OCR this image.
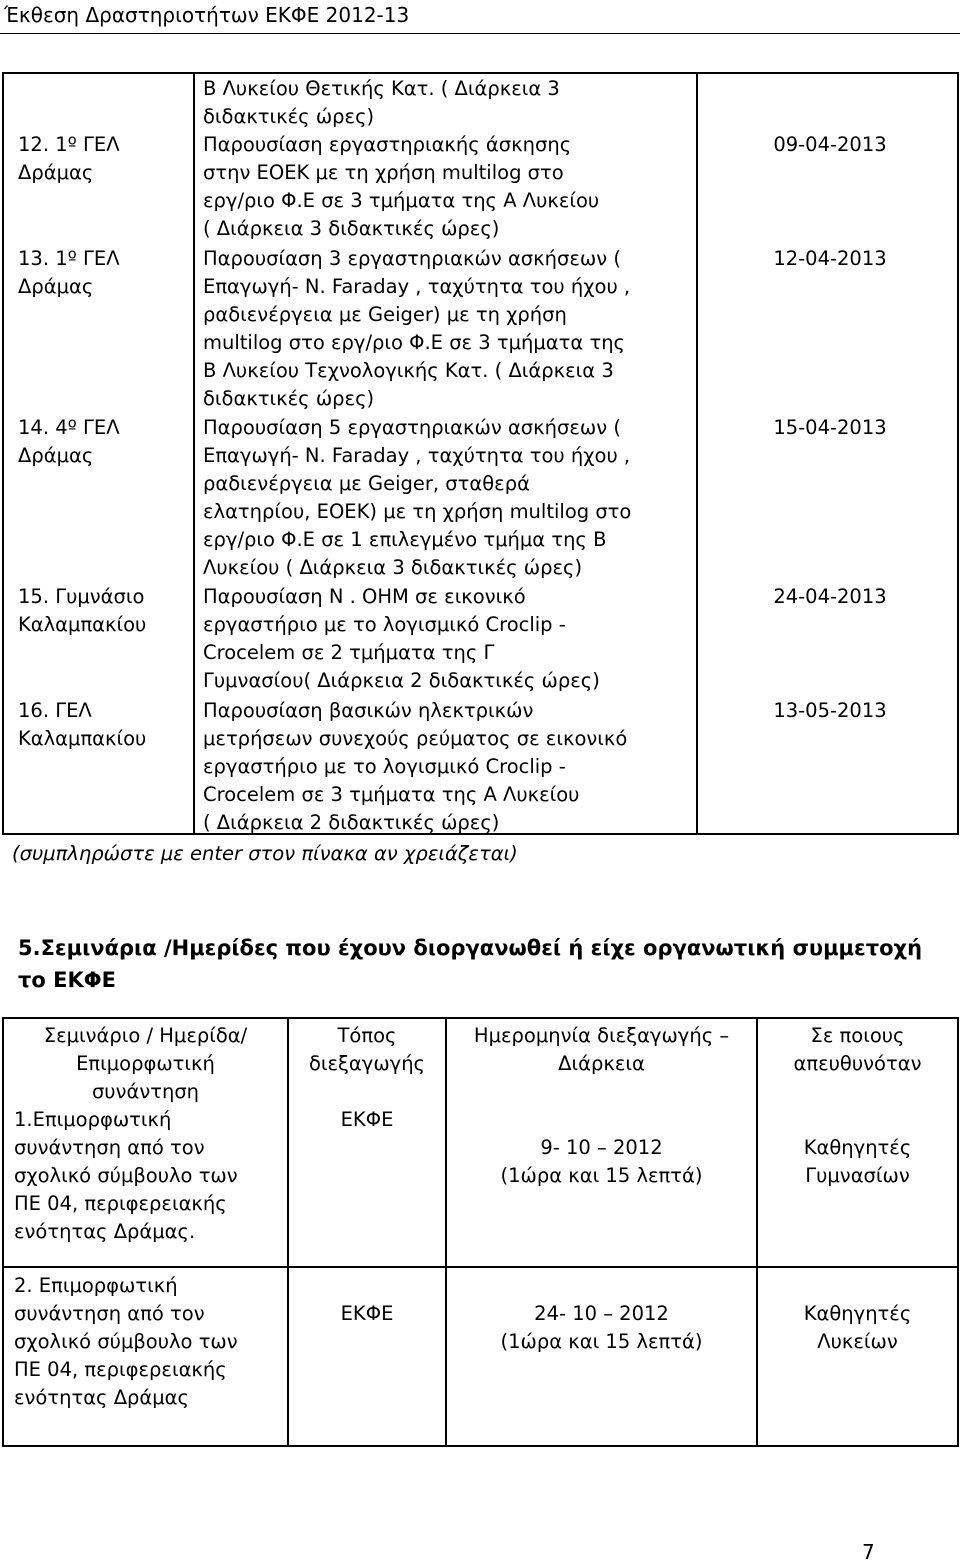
Έκθεση Δραστηριοτήτων ΕΚΦΕ 2012-13
Β Λυκείου Θετικής Κατ. ( Διάρκεια 3
διδακτικές ώρες)
12. 1º ΓΕΛ
Δράμας
Παρουσίαση εργαστηριακής άσκησης
στην ΕΟΕΚ με τη χρήση multilog στο
εργ/ριο Φ.Ε σε 3 τμήματα της Α Λυκείου
( Διάρκεια 3 διδακτικές ώρες)
09-04-2013
13. 1º ΓΕΛ
Δράμας
Παρουσίαση 3 εργαστηριακών ασκήσεων (
Επαγωγή- Ν. Faraday , ταχύτητα του ήχου ,
ραδιενέργεια με Geiger) με τη χρήση
multilog στο εργ/ριο Φ.Ε σε 3 τμήματα της
Β Λυκείου Τεχνολογικής Κατ. ( Διάρκεια 3
διδακτικές ώρες)
12-04-2013
14. 4º ΓΕΛ
Δράμας
Παρουσίαση 5 εργαστηριακών ασκήσεων (
Επαγωγή- Ν. Faraday , ταχύτητα του ήχου ,
ραδιενέργεια με Geiger, σταθερά
ελατηρίου, ΕΟΕΚ) με τη χρήση multilog στο
εργ/ριο Φ.Ε σε 1 επιλεγμένο τμήμα της Β
Λυκείου ( Διάρκεια 3 διδακτικές ώρες)
15-04-2013
15. Γυμνάσιο
Καλαμπακίου
Παρουσίαση Ν . ΟΗΜ σε εικονικό
εργαστήριο με το λογισμικό Croclip -
Crocelem σε 2 τμήματα της Γ
Γυμνασίου( Διάρκεια 2 διδακτικές ώρες)
24-04-2013
16. ΓΕΛ
Καλαμπακίου
Παρουσίαση βασικών ηλεκτρικών
μετρήσεων συνεχούς ρεύματος σε εικονικό
εργαστήριο με το λογισμικό Croclip -
Crocelem σε 3 τμήματα της Α Λυκείου
( Διάρκεια 2 διδακτικές ώρες)
13-05-2013
(συμπληρώστε με enter στον πίνακα αν χρειάζεται)
5.Σεμινάρια /Ημερίδες που έχουν διοργανωθεί ή είχε οργανωτική συμμετοχή το ΕΚΦΕ
Σεμινάριο / Ημερίδα/
Επιμορφωτική
συνάντηση
Τόπος
διεξαγωγής
Ημερομηνία διεξαγωγής –
Διάρκεια
Σε ποιους
απευθυνόταν
1.Επιμορφωτική
συνάντηση από τον
σχολικό σύμβουλο των
ΠΕ 04, περιφερειακής
ενότητας Δράμας.
ΕΚΦΕ
9- 10 – 2012
(1ώρα και 15 λεπτά)
Καθηγητές
Γυμνασίων
2. Επιμορφωτική
συνάντηση από τον
σχολικό σύμβουλο των
ΠΕ 04, περιφερειακής
ενότητας Δράμας
ΕΚΦΕ	24- 10 – 2012
(1ώρα και 15 λεπτά)
Καθηγητές
Λυκείων
7
